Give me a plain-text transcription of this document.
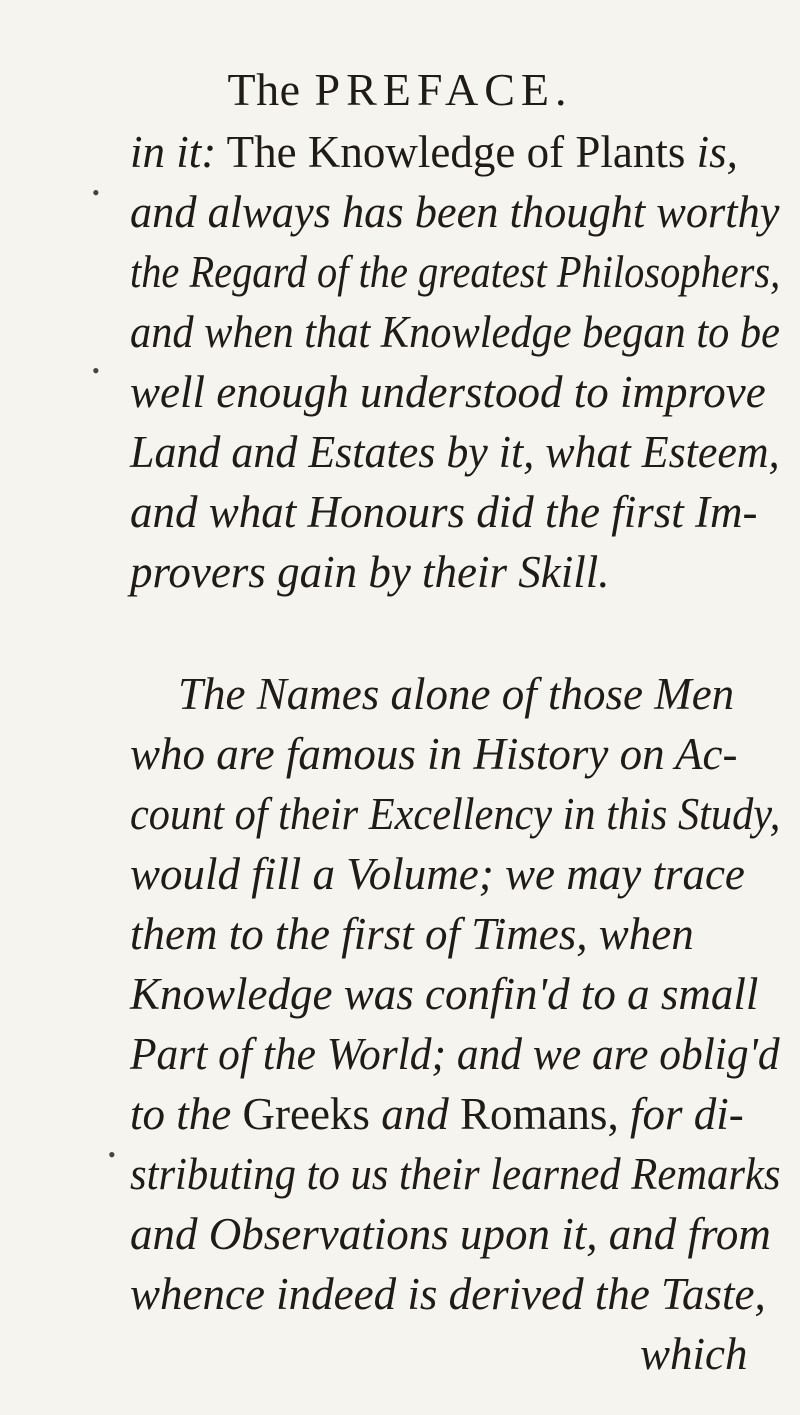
The PREFACE.
in it: The Knowledge of Plants is,
and always has been thought worthy
the Regard of the greatest Philosophers,
and when that Knowledge began to be
well enough understood to improve
Land and Estates by it, what Esteem,
and what Honours did the first Im-
provers gain by their Skill.
The Names alone of those Men
who are famous in History on Ac-
count of their Excellency in this Study,
would fill a Volume; we may trace
them to the first of Times, when
Knowledge was confin'd to a small
Part of the World; and we are oblig'd
to the Greeks and Romans, for di-
stributing to us their learned Remarks
and Observations upon it, and from
whence indeed is derived the Taste,
which
•
•
•
